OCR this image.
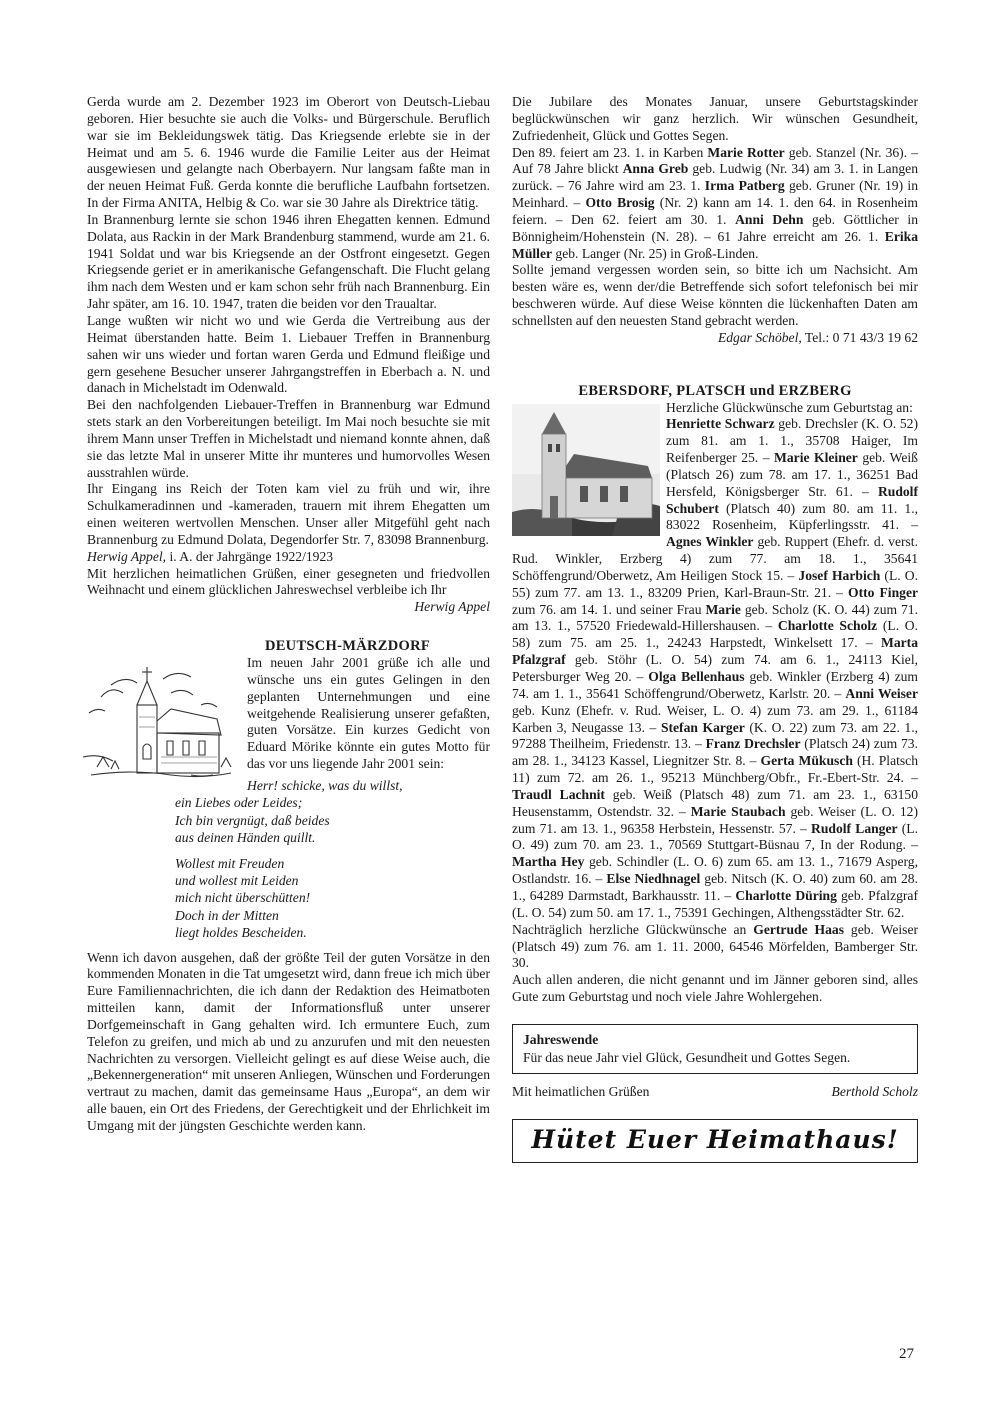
Gerda wurde am 2. Dezember 1923 im Oberort von Deutsch-Liebau geboren. Hier besuchte sie auch die Volks- und Bürgerschule. Beruflich war sie im Bekleidungswek tätig. Das Kriegsende erlebte sie in der Heimat und am 5. 6. 1946 wurde die Familie Leiter aus der Heimat ausgewiesen und gelangte nach Oberbayern. Nur langsam faßte man in der neuen Heimat Fuß. Gerda konnte die berufliche Laufbahn fortsetzen. In der Firma ANITA, Helbig & Co. war sie 30 Jahre als Direktrice tätig.

In Brannenburg lernte sie schon 1946 ihren Ehegatten kennen. Edmund Dolata, aus Rackin in der Mark Brandenburg stammend, wurde am 21. 6. 1941 Soldat und war bis Kriegsende an der Ostfront eingesetzt. Gegen Kriegsende geriet er in amerikanische Gefangenschaft. Die Flucht gelang ihm nach dem Westen und er kam schon sehr früh nach Brannenburg. Ein Jahr später, am 16. 10. 1947, traten die beiden vor den Traualtar.

Lange wußten wir nicht wo und wie Gerda die Vertreibung aus der Heimat überstanden hatte. Beim 1. Liebauer Treffen in Brannenburg sahen wir uns wieder und fortan waren Gerda und Edmund fleißige und gern gesehene Besucher unserer Jahrgangstreffen in Eberbach a. N. und danach in Michelstadt im Odenwald.

Bei den nachfolgenden Liebauer-Treffen in Brannenburg war Edmund stets stark an den Vorbereitungen beteiligt. Im Mai noch besuchte sie mit ihrem Mann unser Treffen in Michelstadt und niemand konnte ahnen, daß sie das letzte Mal in unserer Mitte ihr munteres und humorvolles Wesen ausstrahlen würde.

Ihr Eingang ins Reich der Toten kam viel zu früh und wir, ihre Schulkameradinnen und -kameraden, trauern mit ihrem Ehegatten um einen weiteren wertvollen Menschen. Unser aller Mitgefühl geht nach Brannenburg zu Edmund Dolata, Degendorfer Str. 7, 83098 Brannenburg.

Herwig Appel, i. A. der Jahrgänge 1922/1923

Mit herzlichen heimatlichen Grüßen, einer gesegneten und friedvollen Weihnacht und einem glücklichen Jahreswechsel verbleibe ich Ihr

Herwig Appel

DEUTSCH-MÄRZDORF

Im neuen Jahr 2001 grüße ich alle und wünsche uns ein gutes Gelingen in den geplanten Unternehmungen und eine weitgehende Realisierung unserer gefaßten, guten Vorsätze. Ein kurzes Gedicht von Eduard Mörike könnte ein gutes Motto für das vor uns liegende Jahr 2001 sein:

Herr! schicke, was du willst,
ein Liebes oder Leides;
Ich bin vergnügt, daß beides
aus deinen Händen quillt.
Wollest mit Freuden
und wollest mit Leiden
mich nicht überschütten!
Doch in der Mitten
liegt holdes Bescheiden.

Wenn ich davon ausgehen, daß der größte Teil der guten Vorsätze in den kommenden Monaten in die Tat umgesetzt wird, dann freue ich mich über Eure Familiennachrichten, die ich dann der Redaktion des Heimatboten mitteilen kann, damit der Informationsfluß unter unserer Dorfgemeinschaft in Gang gehalten wird. Ich ermuntere Euch, zum Telefon zu greifen, und mich ab und zu anzurufen und mit den neuesten Nachrichten zu versorgen. Vielleicht gelingt es auf diese Weise auch, die „Bekennergeneration“ mit unseren Anliegen, Wünschen und Forderungen vertraut zu machen, damit das gemeinsame Haus „Europa“, an dem wir alle bauen, ein Ort des Friedens, der Gerechtigkeit und der Ehrlichkeit im Umgang mit der jüngsten Geschichte werden kann.

Die Jubilare des Monates Januar, unsere Geburtstagskinder beglückwünschen wir ganz herzlich. Wir wünschen Gesundheit, Zufriedenheit, Glück und Gottes Segen.

Den 89. feiert am 23. 1. in Karben Marie Rotter geb. Stanzel (Nr. 36). – Auf 78 Jahre blickt Anna Greb geb. Ludwig (Nr. 34) am 3. 1. in Langen zurück. – 76 Jahre wird am 23. 1. Irma Patberg geb. Gruner (Nr. 19) in Meinhard. – Otto Brosig (Nr. 2) kann am 14. 1. den 64. in Rosenheim feiern. – Den 62. feiert am 30. 1. Anni Dehn geb. Göttlicher in Bönnigheim/Hohenstein (N. 28). – 61 Jahre erreicht am 26. 1. Erika Müller geb. Langer (Nr. 25) in Groß-Linden.

Sollte jemand vergessen worden sein, so bitte ich um Nachsicht. Am besten wäre es, wenn der/die Betreffende sich sofort telefonisch bei mir beschweren würde. Auf diese Weise könnten die lückenhaften Daten am schnellsten auf den neuesten Stand gebracht werden.
Edgar Schöbel, Tel.: 0 71 43/3 19 62

EBERSDORF, PLATSCH und ERZBERG

Herzliche Glückwünsche zum Geburtstag an:

Henriette Schwarz geb. Drechsler (K. O. 52) zum 81. am 1. 1., 35708 Haiger, Im Reifenberger 25. – Marie Kleiner geb. Weiß (Platsch 26) zum 78. am 17. 1., 36251 Bad Hersfeld, Königsberger Str. 61. – Rudolf Schubert (Platsch 40) zum 80. am 11. 1., 83022 Rosenheim, Küpferlingsstr. 41. – Agnes Winkler geb. Ruppert (Ehefr. d. verst. Rud. Winkler, Erzberg 4) zum 77. am 18. 1., 35641 Schöffengrund/Oberwetz, Am Heiligen Stock 15. – Josef Harbich (L. O. 55) zum 77. am 13. 1., 83209 Prien, Karl-Braun-Str. 21. – Otto Finger zum 76. am 14. 1. und seiner Frau Marie geb. Scholz (K. O. 44) zum 71. am 13. 1., 57520 Friedewald-Hillershausen. – Charlotte Scholz (L. O. 58) zum 75. am 25. 1., 24243 Harpstedt, Winkelsett 17. – Marta Pfalzgraf geb. Stöhr (L. O. 54) zum 74. am 6. 1., 24113 Kiel, Petersburger Weg 20. – Olga Bellenhaus geb. Winkler (Erzberg 4) zum 74. am 1. 1., 35641 Schöffengrund/Oberwetz, Karlstr. 20. – Anni Weiser geb. Kunz (Ehefr. v. Rud. Weiser, L. O. 4) zum 73. am 29. 1., 61184 Karben 3, Neugasse 13. – Stefan Karger (K. O. 22) zum 73. am 22. 1., 97288 Theilheim, Friedenstr. 13. – Franz Drechsler (Platsch 24) zum 73. am 28. 1., 34123 Kassel, Liegnitzer Str. 8. – Gerta Mükusch (H. Platsch 11) zum 72. am 26. 1., 95213 Münchberg/Obfr., Fr.-Ebert-Str. 24. – Traudl Lachnit geb. Weiß (Platsch 48) zum 71. am 23. 1., 63150 Heusenstamm, Ostendstr. 32. – Marie Staubach geb. Weiser (L. O. 12) zum 71. am 13. 1., 96358 Herbstein, Hessenstr. 57. – Rudolf Langer (L. O. 49) zum 70. am 23. 1., 70569 Stuttgart-Büsnau 7, In der Rodung. – Martha Hey geb. Schindler (L. O. 6) zum 65. am 13. 1., 71679 Asperg, Ostlandstr. 16. – Else Niedhnagel geb. Nitsch (K. O. 40) zum 60. am 28. 1., 64289 Darmstadt, Barkhausstr. 11. – Charlotte Düring geb. Pfalzgraf (L. O. 54) zum 50. am 17. 1., 75391 Gechingen, Althengsstädter Str. 62.

Nachträglich herzliche Glückwünsche an Gertrude Haas geb. Weiser (Platsch 49) zum 76. am 1. 11. 2000, 64546 Mörfelden, Bamberger Str. 30.

Auch allen anderen, die nicht genannt und im Jänner geboren sind, alles Gute zum Geburtstag und noch viele Jahre Wohlergehen.

Jahreswende
Für das neue Jahr viel Glück, Gesundheit und Gottes Segen.
Mit heimatlichen Grüßen	Berthold Scholz
Hütet Euer Heimathaus!
27
